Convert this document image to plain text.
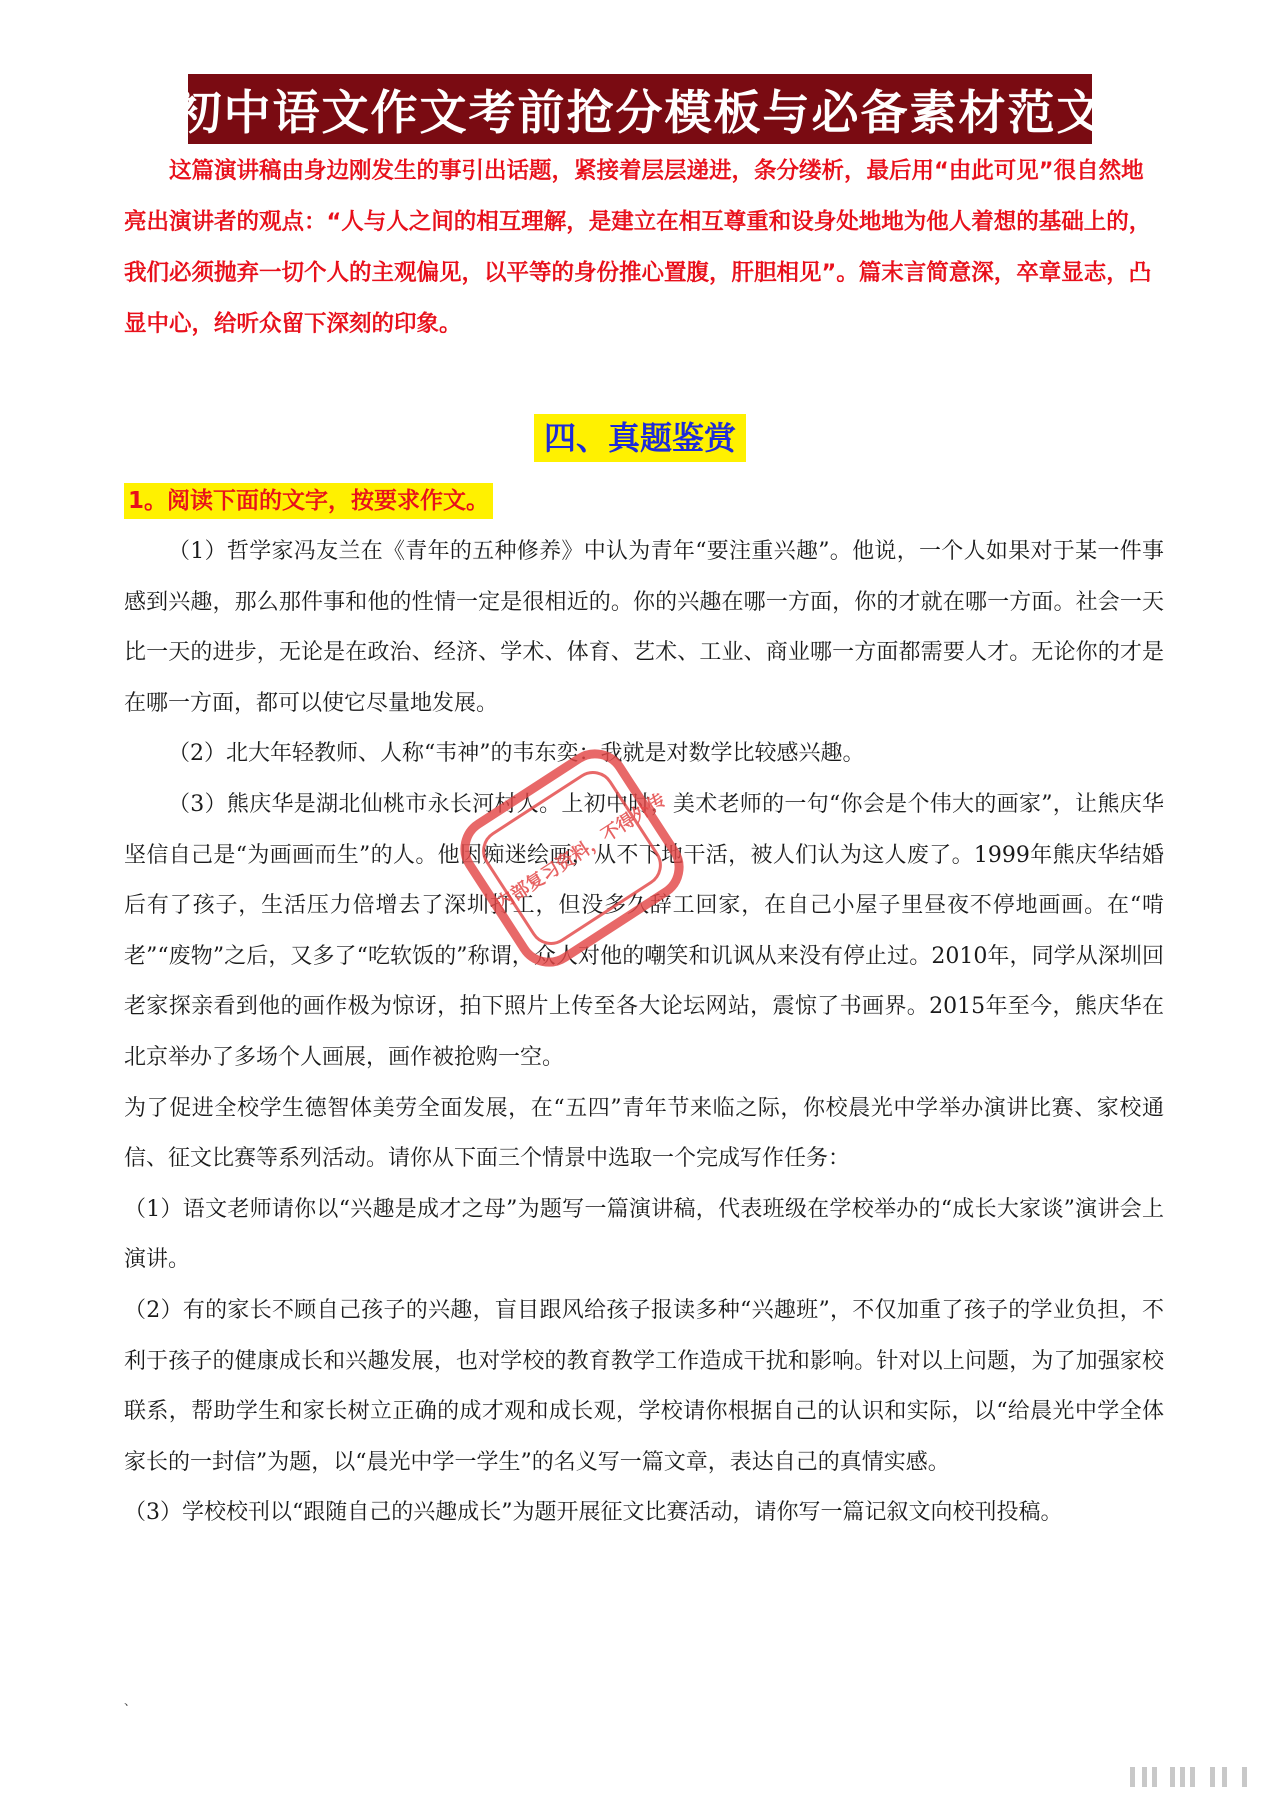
初中语文作文考前抢分模板与必备素材范文

这篇演讲稿由身边刚发生的事引出话题，紧接着层层递进，条分缕析，最后用“由此可见”很自然地亮出演讲者的观点：“人与人之间的相互理解，是建立在相互尊重和设身处地地为他人着想的基础上的，我们必须抛弃一切个人的主观偏见，以平等的身份推心置腹，肝胆相见”。篇末言简意深，卒章显志，凸显中心，给听众留下深刻的印象。

四、真题鉴赏
1。阅读下面的文字，按要求作文。

（1）哲学家冯友兰在《青年的五种修养》中认为青年“要注重兴趣”。他说，一个人如果对于某一件事感到兴趣，那么那件事和他的性情一定是很相近的。你的兴趣在哪一方面，你的才就在哪一方面。社会一天比一天的进步，无论是在政治、经济、学术、体育、艺术、工业、商业哪一方面都需要人才。无论你的才是在哪一方面，都可以使它尽量地发展。

（2）北大年轻教师、人称“韦神”的韦东奕：我就是对数学比较感兴趣。

（3）熊庆华是湖北仙桃市永长河村人。上初中时，美术老师的一句“你会是个伟大的画家”，让熊庆华坚信自己是“为画画而生”的人。他因痴迷绘画，从不下地干活，被人们认为这人废了。1999年熊庆华结婚后有了孩子，生活压力倍增去了深圳打工，但没多久辞工回家，在自己小屋子里昼夜不停地画画。在“啃老”“废物”之后，又多了“吃软饭的”称谓，众人对他的嘲笑和讥讽从来没有停止过。2010年，同学从深圳回老家探亲看到他的画作极为惊讶，拍下照片上传至各大论坛网站，震惊了书画界。2015年至今，熊庆华在北京举办了多场个人画展，画作被抢购一空。

为了促进全校学生德智体美劳全面发展，在“五四”青年节来临之际，你校晨光中学举办演讲比赛、家校通信、征文比赛等系列活动。请你从下面三个情景中选取一个完成写作任务：

（1）语文老师请你以“兴趣是成才之母”为题写一篇演讲稿，代表班级在学校举办的“成长大家谈”演讲会上演讲。

（2）有的家长不顾自己孩子的兴趣，盲目跟风给孩子报读多种“兴趣班”，不仅加重了孩子的学业负担，不利于孩子的健康成长和兴趣发展，也对学校的教育教学工作造成干扰和影响。针对以上问题，为了加强家校联系，帮助学生和家长树立正确的成才观和成长观，学校请你根据自己的认识和实际，以“给晨光中学全体家长的一封信”为题，以“晨光中学一学生”的名义写一篇文章，表达自己的真情实感。

（3）学校校刊以“跟随自己的兴趣成长”为题开展征文比赛活动，请你写一篇记叙文向校刊投稿。

内部复习资料，不得外传
、
